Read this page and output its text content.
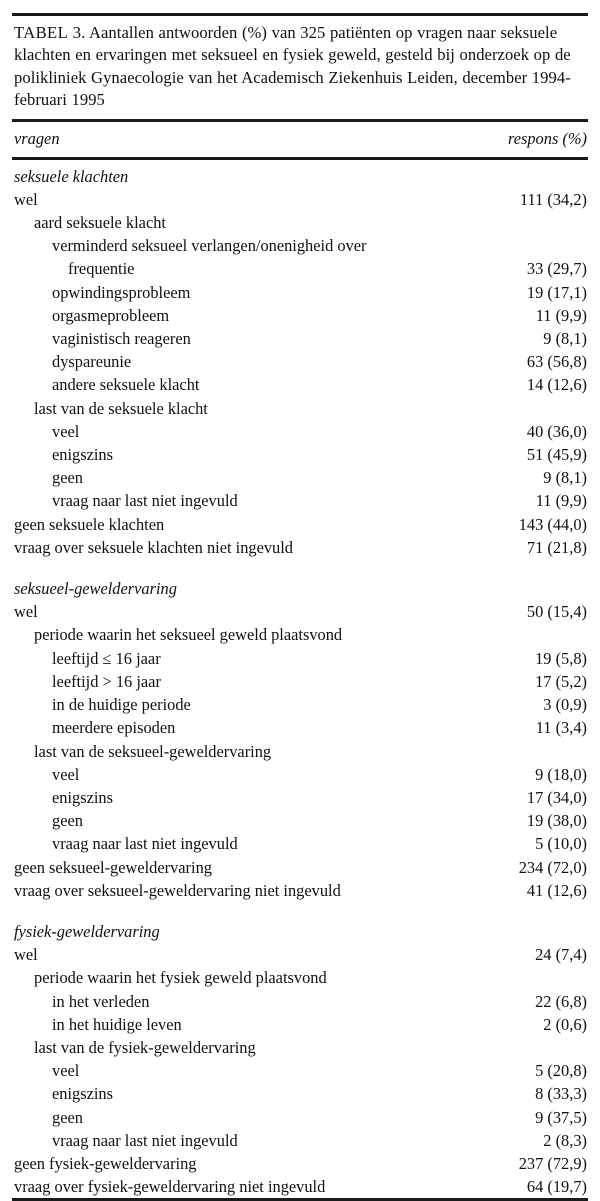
TABEL 3. Aantallen antwoorden (%) van 325 patiënten op vragen naar seksuele klachten en ervaringen met seksueel en fysiek geweld, gesteld bij onderzoek op de polikliniek Gynaecologie van het Academisch Ziekenhuis Leiden, december 1994-februari 1995
vragen	respons (%)
seksuele klachten
wel	111 (34,2)
aard seksuele klacht
verminderd seksueel verlangen/onenigheid over
frequentie	33 (29,7)
opwindingsprobleem	19 (17,1)
orgasmeprobleem	11 (9,9)
vaginistisch reageren	9 (8,1)
dyspareunie	63 (56,8)
andere seksuele klacht	14 (12,6)
last van de seksuele klacht
veel	40 (36,0)
enigszins	51 (45,9)
geen	9 (8,1)
vraag naar last niet ingevuld	11 (9,9)
geen seksuele klachten	143 (44,0)
vraag over seksuele klachten niet ingevuld	71 (21,8)
seksueel-geweldervaring
wel	50 (15,4)
periode waarin het seksueel geweld plaatsvond
leeftijd ≤ 16 jaar	19 (5,8)
leeftijd > 16 jaar	17 (5,2)
in de huidige periode	3 (0,9)
meerdere episoden	11 (3,4)
last van de seksueel-geweldervaring
veel	9 (18,0)
enigszins	17 (34,0)
geen	19 (38,0)
vraag naar last niet ingevuld	5 (10,0)
geen seksueel-geweldervaring	234 (72,0)
vraag over seksueel-geweldervaring niet ingevuld	41 (12,6)
fysiek-geweldervaring
wel	24 (7,4)
periode waarin het fysiek geweld plaatsvond
in het verleden	22 (6,8)
in het huidige leven	2 (0,6)
last van de fysiek-geweldervaring
veel	5 (20,8)
enigszins	8 (33,3)
geen	9 (37,5)
vraag naar last niet ingevuld	2 (8,3)
geen fysiek-geweldervaring	237 (72,9)
vraag over fysiek-geweldervaring niet ingevuld	64 (19,7)
